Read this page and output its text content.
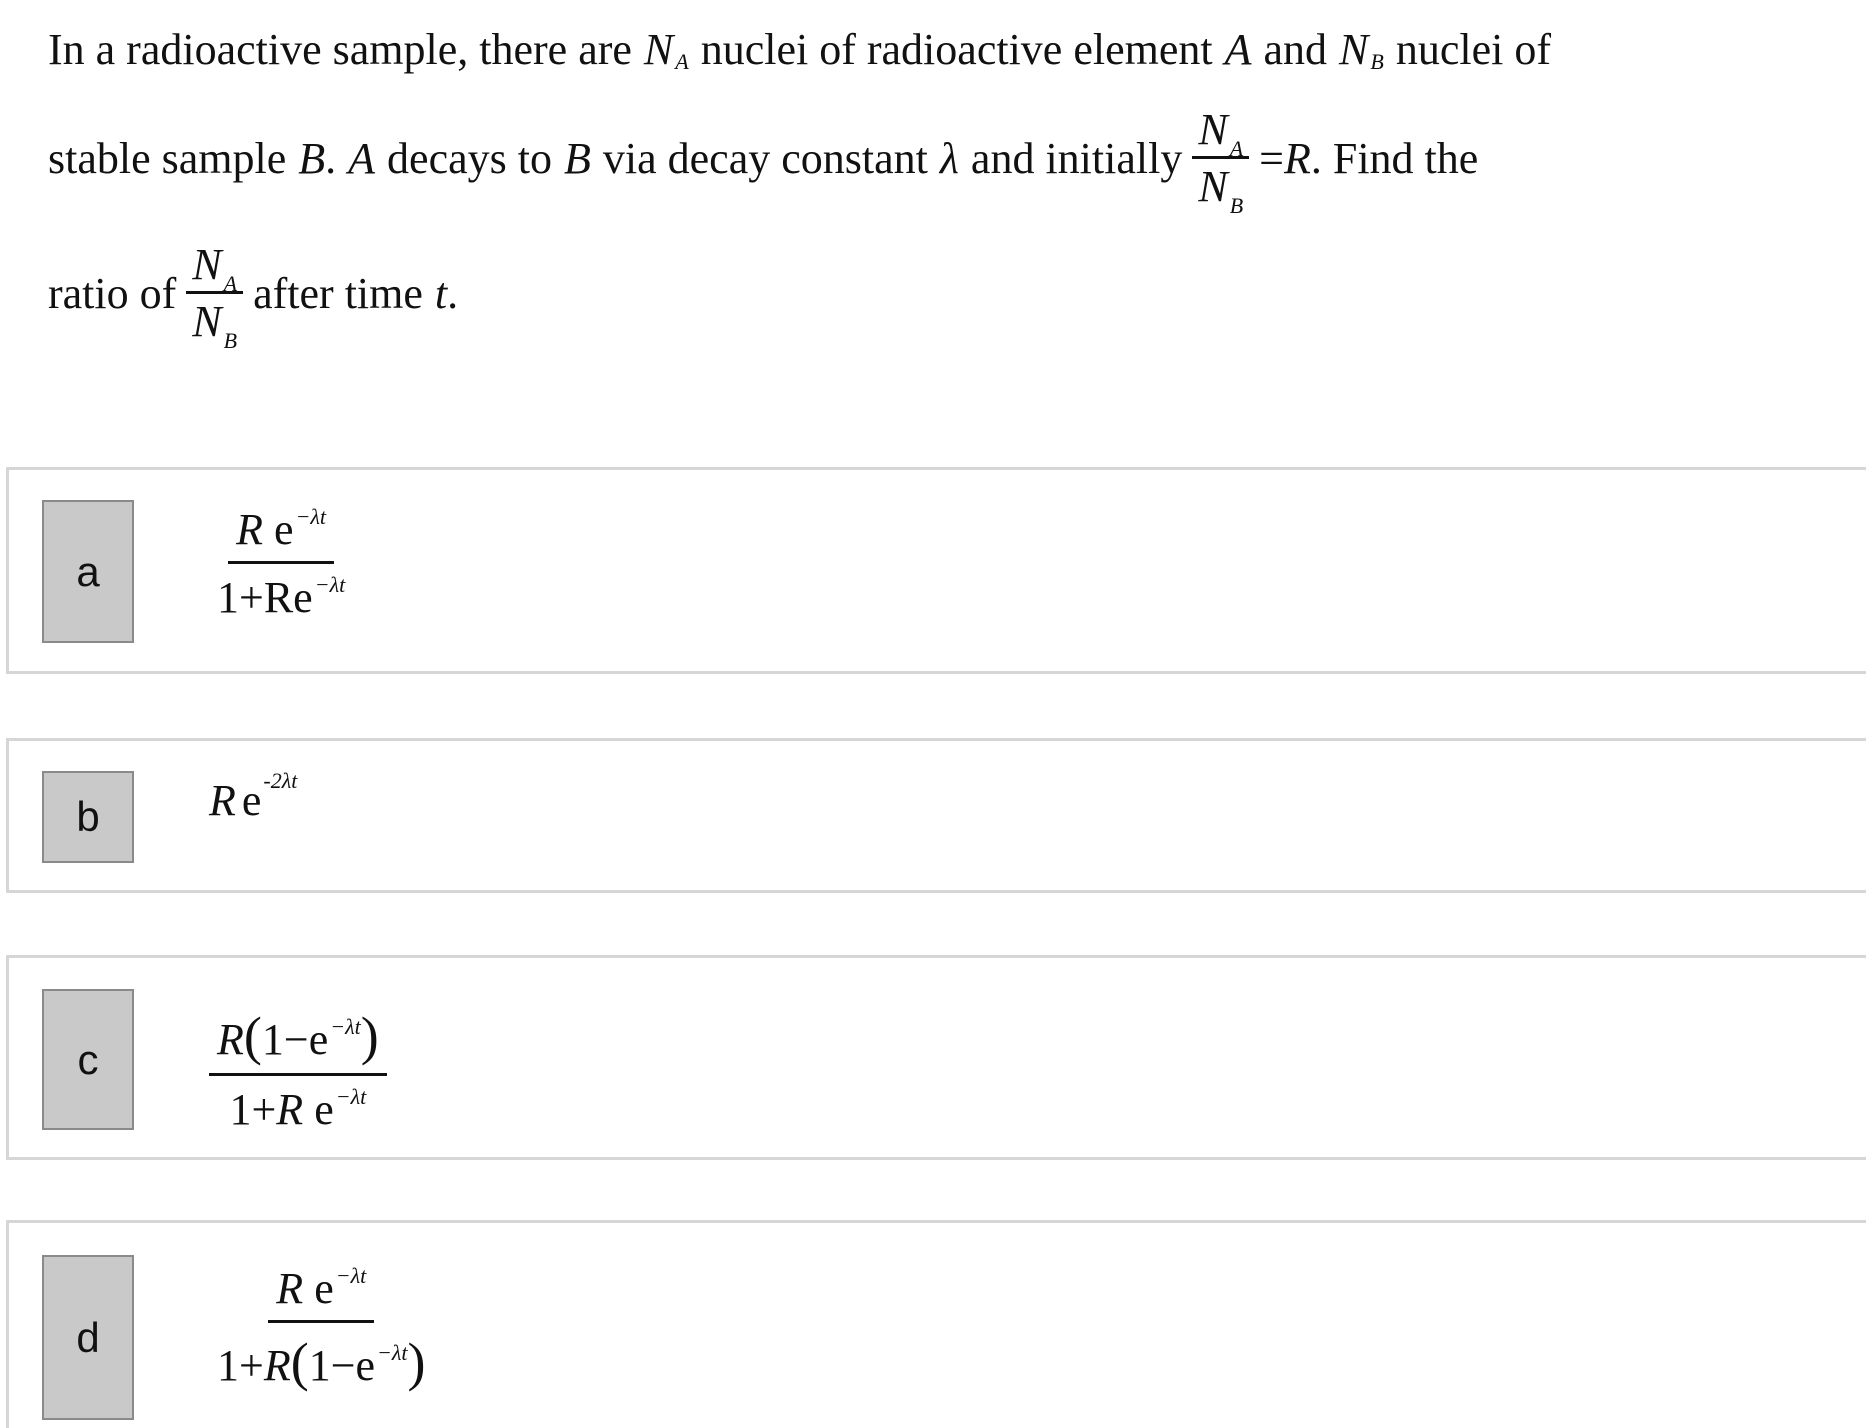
In a radioactive sample, there are N A nuclei of radioactive element A and N B nuclei of
stable sample B . A decays to B via decay constant λ and initially $\frac{N_A}{N_B} = R$ . Find the
ratio of $\frac{N_A}{N_B}$ after time t .
a	$\frac{R e^{-\lambda t}}{1+Re^{-\lambda t}}$
b	R e -2λt
c	$\frac{R(1-e^{-\lambda t})}{1+R e^{-\lambda t}}$
d	$\frac{R e^{-\lambda t}}{1+R(1-e^{-\lambda t})}$
